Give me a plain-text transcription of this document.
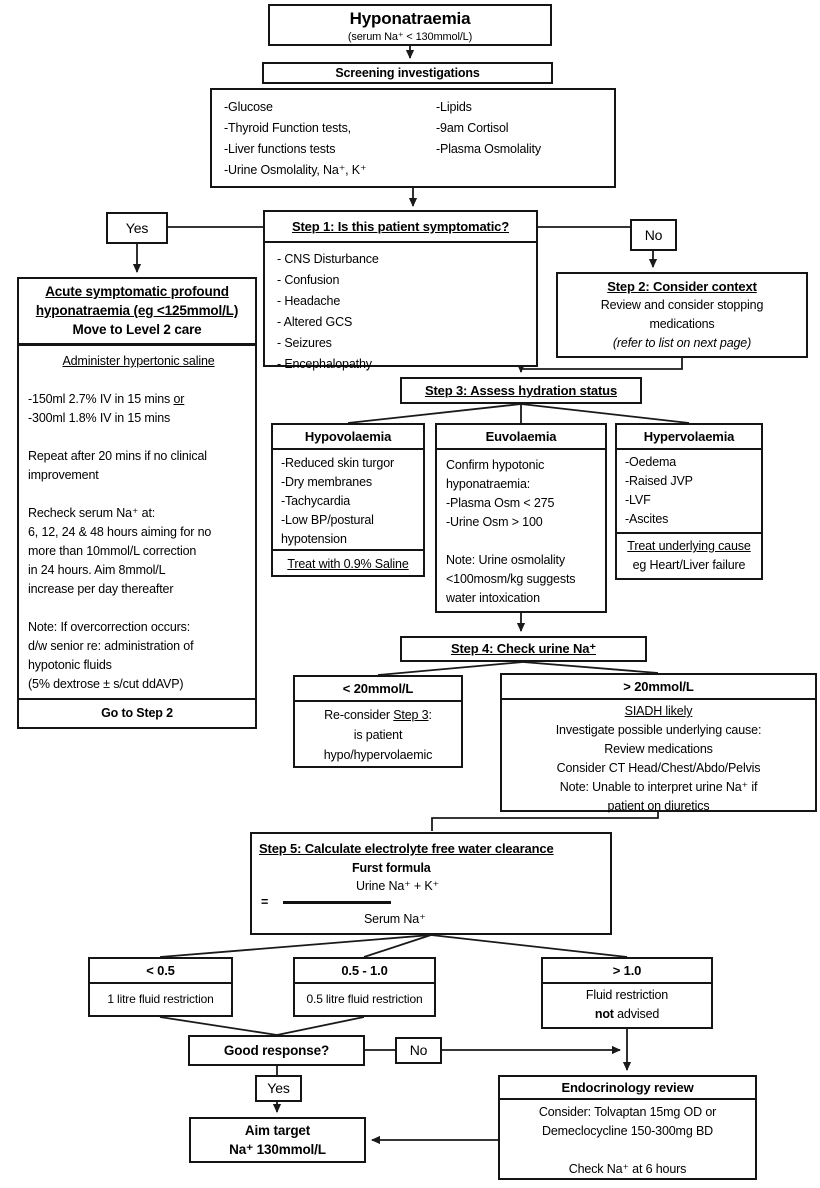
Hyponatraemia
(serum Na⁺ < 130mmol/L)
Screening investigations
-Glucose
-Thyroid Function tests,
-Liver functions tests
-Urine Osmolality, Na⁺, K⁺
-Lipids
-9am Cortisol
-Plasma Osmolality
Yes	Step 1: Is this patient symptomatic?
- CNS Disturbance
- Confusion
- Headache
- Altered GCS
- Seizures
- Encephalopathy
No
Acute symptomatic profound
hyponatraemia (eg <125mmol/L)
Move to Level 2 care
Administer hypertonic saline
-150ml 2.7% IV in 15 mins or
-300ml 1.8% IV in 15 mins
Repeat after 20 mins if no clinical
improvement
Recheck serum Na⁺ at:
6, 12, 24 & 48 hours aiming for no
more than 10mmol/L correction
in 24 hours. Aim 8mmol/L
increase per day thereafter
Note: If overcorrection occurs:
d/w senior re: administration of
hypotonic fluids
(5% dextrose ± s/cut ddAVP)
Go to Step 2
Step 2: Consider context
Review and consider stopping
medications
(refer to list on next page)
Step 3: Assess hydration status
Hypovolaemia
-Reduced skin turgor
-Dry membranes
-Tachycardia
-Low BP/postural
hypotension
Treat with 0.9% Saline
Euvolaemia
Confirm hypotonic
hyponatraemia:
-Plasma Osm < 275
-Urine Osm > 100
Note: Urine osmolality
<100mosm/kg suggests
water intoxication
Hypervolaemia
-Oedema
-Raised JVP
-LVF
-Ascites
Treat underlying cause
eg Heart/Liver failure
Step 4: Check urine Na⁺
< 20mmol/L
Re-consider Step 3:
is patient
hypo/hypervolaemic
> 20mmol/L
SIADH likely
Investigate possible underlying cause:
Review medications
Consider CT Head/Chest/Abdo/Pelvis
Note: Unable to interpret urine Na⁺ if
patient on diuretics
Step 5: Calculate electrolyte free water clearance
Furst formula
Urine Na⁺ + K⁺
=
Serum Na⁺
< 0.5
1 litre fluid restriction
0.5 - 1.0
0.5 litre fluid restriction
> 1.0
Fluid restriction
not advised
Good response?	No
Yes
Aim target
Na⁺ 130mmol/L
Endocrinology review
Consider: Tolvaptan 15mg OD or
Demeclocycline 150-300mg BD
Check Na⁺ at 6 hours
